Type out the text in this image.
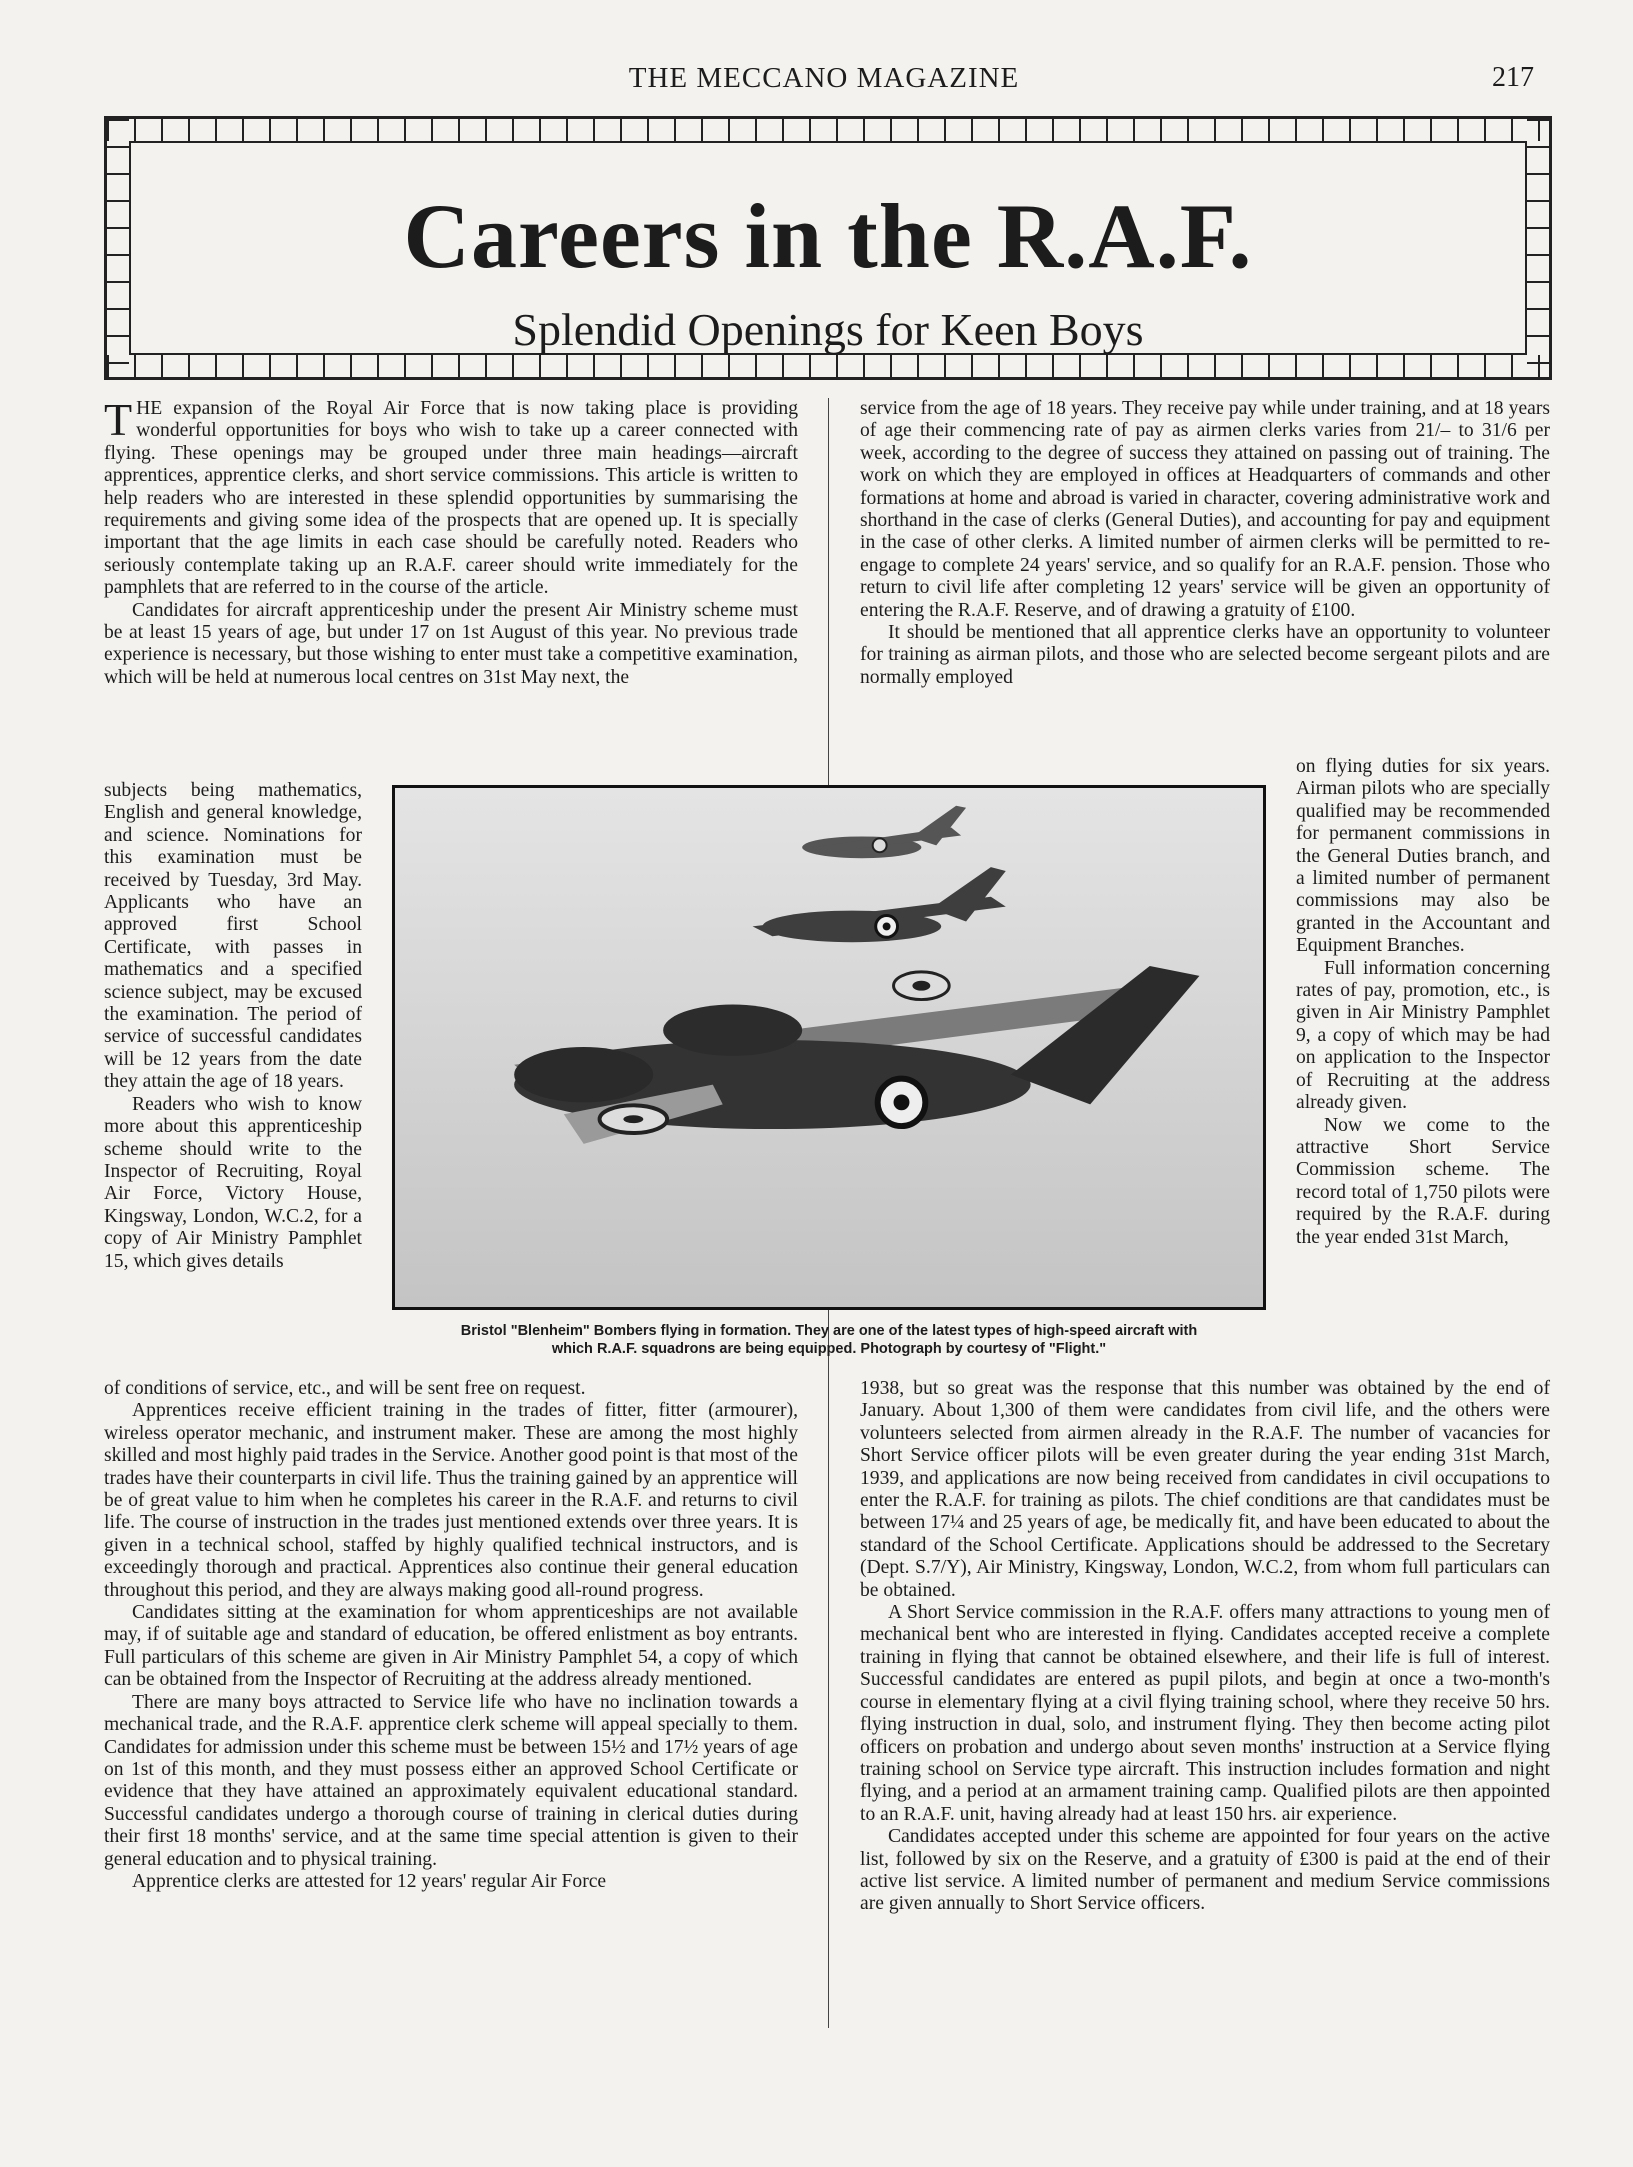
THE MECCANO MAGAZINE	217
Careers in the R.A.F.
Splendid Openings for Keen Boys

THE expansion of the Royal Air Force that is now taking place is providing wonderful opportunities for boys who wish to take up a career connected with flying. These openings may be grouped under three main headings—aircraft apprentices, apprentice clerks, and short service commissions. This article is written to help readers who are interested in these splendid opportunities by summarising the requirements and giving some idea of the prospects that are opened up. It is specially important that the age limits in each case should be carefully noted. Readers who seriously contemplate taking up an R.A.F. career should write immediately for the pamphlets that are referred to in the course of the article.

Candidates for aircraft apprenticeship under the present Air Ministry scheme must be at least 15 years of age, but under 17 on 1st August of this year. No previous trade experience is necessary, but those wishing to enter must take a competitive examination, which will be held at numerous local centres on 31st May next, the

subjects being mathematics, English and general knowledge, and science. Nominations for this examination must be received by Tuesday, 3rd May. Applicants who have an approved first School Certificate, with passes in mathematics and a specified science subject, may be excused the examination. The period of service of successful candidates will be 12 years from the date they attain the age of 18 years.

Readers who wish to know more about this apprenticeship scheme should write to the Inspector of Recruiting, Royal Air Force, Victory House, Kingsway, London, W.C.2, for a copy of Air Ministry Pamphlet 15, which gives details

of conditions of service, etc., and will be sent free on request.

Apprentices receive efficient training in the trades of fitter, fitter (armourer), wireless operator mechanic, and instrument maker. These are among the most highly skilled and most highly paid trades in the Service. Another good point is that most of the trades have their counterparts in civil life. Thus the training gained by an apprentice will be of great value to him when he completes his career in the R.A.F. and returns to civil life. The course of instruction in the trades just mentioned extends over three years. It is given in a technical school, staffed by highly qualified technical instructors, and is exceedingly thorough and practical. Apprentices also continue their general education throughout this period, and they are always making good all-round progress.

Candidates sitting at the examination for whom apprenticeships are not available may, if of suitable age and standard of education, be offered enlistment as boy entrants. Full particulars of this scheme are given in Air Ministry Pamphlet 54, a copy of which can be obtained from the Inspector of Recruiting at the address already mentioned.

There are many boys attracted to Service life who have no inclination towards a mechanical trade, and the R.A.F. apprentice clerk scheme will appeal specially to them. Candidates for admission under this scheme must be between 15½ and 17½ years of age on 1st of this month, and they must possess either an approved School Certificate or evidence that they have attained an approximately equivalent educational standard. Successful candidates undergo a thorough course of training in clerical duties during their first 18 months' service, and at the same time special attention is given to their general education and to physical training.

Apprentice clerks are attested for 12 years' regular Air Force

service from the age of 18 years. They receive pay while under training, and at 18 years of age their commencing rate of pay as airmen clerks varies from 21/– to 31/6 per week, according to the degree of success they attained on passing out of training. The work on which they are employed in offices at Headquarters of commands and other formations at home and abroad is varied in character, covering administrative work and shorthand in the case of clerks (General Duties), and accounting for pay and equipment in the case of other clerks. A limited number of airmen clerks will be permitted to re-engage to complete 24 years' service, and so qualify for an R.A.F. pension. Those who return to civil life after completing 12 years' service will be given an opportunity of entering the R.A.F. Reserve, and of drawing a gratuity of £100.

It should be mentioned that all apprentice clerks have an opportunity to volunteer for training as airman pilots, and those who are selected become sergeant pilots and are normally employed

on flying duties for six years. Airman pilots who are specially qualified may be recommended for permanent commissions in the General Duties branch, and a limited number of permanent commissions may also be granted in the Accountant and Equipment Branches.

Full information concerning rates of pay, promotion, etc., is given in Air Ministry Pamphlet 9, a copy of which may be had on application to the Inspector of Recruiting at the address already given.

Now we come to the attractive Short Service Commission scheme. The record total of 1,750 pilots were required by the R.A.F. during the year ended 31st March,

1938, but so great was the response that this number was obtained by the end of January. About 1,300 of them were candidates from civil life, and the others were volunteers selected from airmen already in the R.A.F. The number of vacancies for Short Service officer pilots will be even greater during the year ending 31st March, 1939, and applications are now being received from candidates in civil occupations to enter the R.A.F. for training as pilots. The chief conditions are that candidates must be between 17¼ and 25 years of age, be medically fit, and have been educated to about the standard of the School Certificate. Applications should be addressed to the Secretary (Dept. S.7/Y), Air Ministry, Kingsway, London, W.C.2, from whom full particulars can be obtained.

A Short Service commission in the R.A.F. offers many attractions to young men of mechanical bent who are interested in flying. Candidates accepted receive a complete training in flying that cannot be obtained elsewhere, and their life is full of interest. Successful candidates are entered as pupil pilots, and begin at once a two-month's course in elementary flying at a civil flying training school, where they receive 50 hrs. flying instruction in dual, solo, and instrument flying. They then become acting pilot officers on probation and undergo about seven months' instruction at a Service flying training school on Service type aircraft. This instruction includes formation and night flying, and a period at an armament training camp. Qualified pilots are then appointed to an R.A.F. unit, having already had at least 150 hrs. air experience.

Candidates accepted under this scheme are appointed for four years on the active list, followed by six on the Reserve, and a gratuity of £300 is paid at the end of their active list service. A limited number of permanent and medium Service commissions are given annually to Short Service officers.

Bristol "Blenheim" Bombers flying in formation. They are one of the latest types of high-speed aircraft with
which R.A.F. squadrons are being equipped. Photograph by courtesy of "Flight."
